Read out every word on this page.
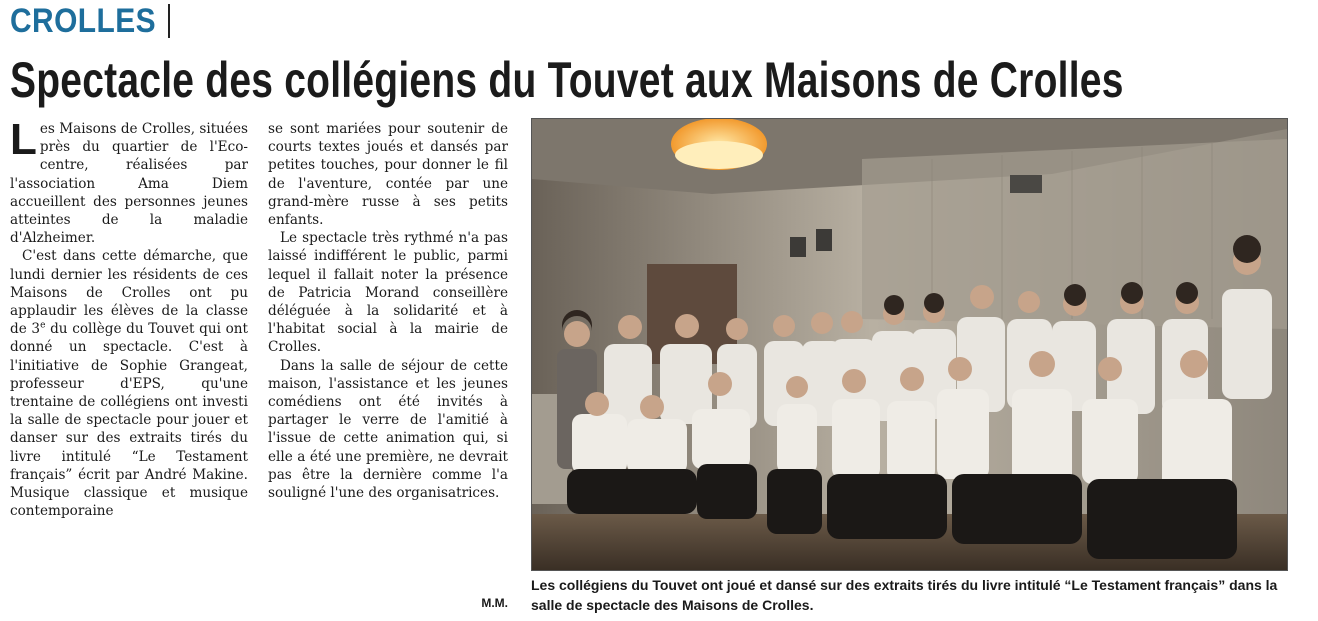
CROLLES
Spectacle des collégiens du Touvet aux Maisons de Crolles

Les Maisons de Crolles, situées près du quartier de l'Eco-centre, réalisées par l'association Ama Diem accueillent des personnes jeunes atteintes de la maladie d'Alzheimer.

C'est dans cette démarche, que lundi dernier les résidents de ces Maisons de Crolles ont pu applaudir les élèves de la classe de 3e du collège du Touvet qui ont donné un spectacle. C'est à l'initiative de Sophie Grangeat, professeur d'EPS, qu'une trentaine de collégiens ont investi la salle de spectacle pour jouer et danser sur des extraits tirés du livre intitulé “Le Testament français” écrit par André Makine. Musique classique et musique contemporaine

se sont mariées pour soutenir de courts textes joués et dansés par petites touches, pour donner le fil de l'aventure, contée par une grand-mère russe à ses petits enfants.

Le spectacle très rythmé n'a pas laissé indifférent le public, parmi lequel il fallait noter la présence de Patricia Morand conseillère déléguée à la solidarité et à l'habitat social à la mairie de Crolles.

Dans la salle de séjour de cette maison, l'assistance et les jeunes comédiens ont été invités à partager le verre de l'amitié à l'issue de cette animation qui, si elle a été une première, ne devrait pas être la dernière comme l'a souligné l'une des organisatrices.

M.M.

Les collégiens du Touvet ont joué et dansé sur des extraits tirés du livre intitulé “Le Testament français” dans la salle de spectacle des Maisons de Crolles.
